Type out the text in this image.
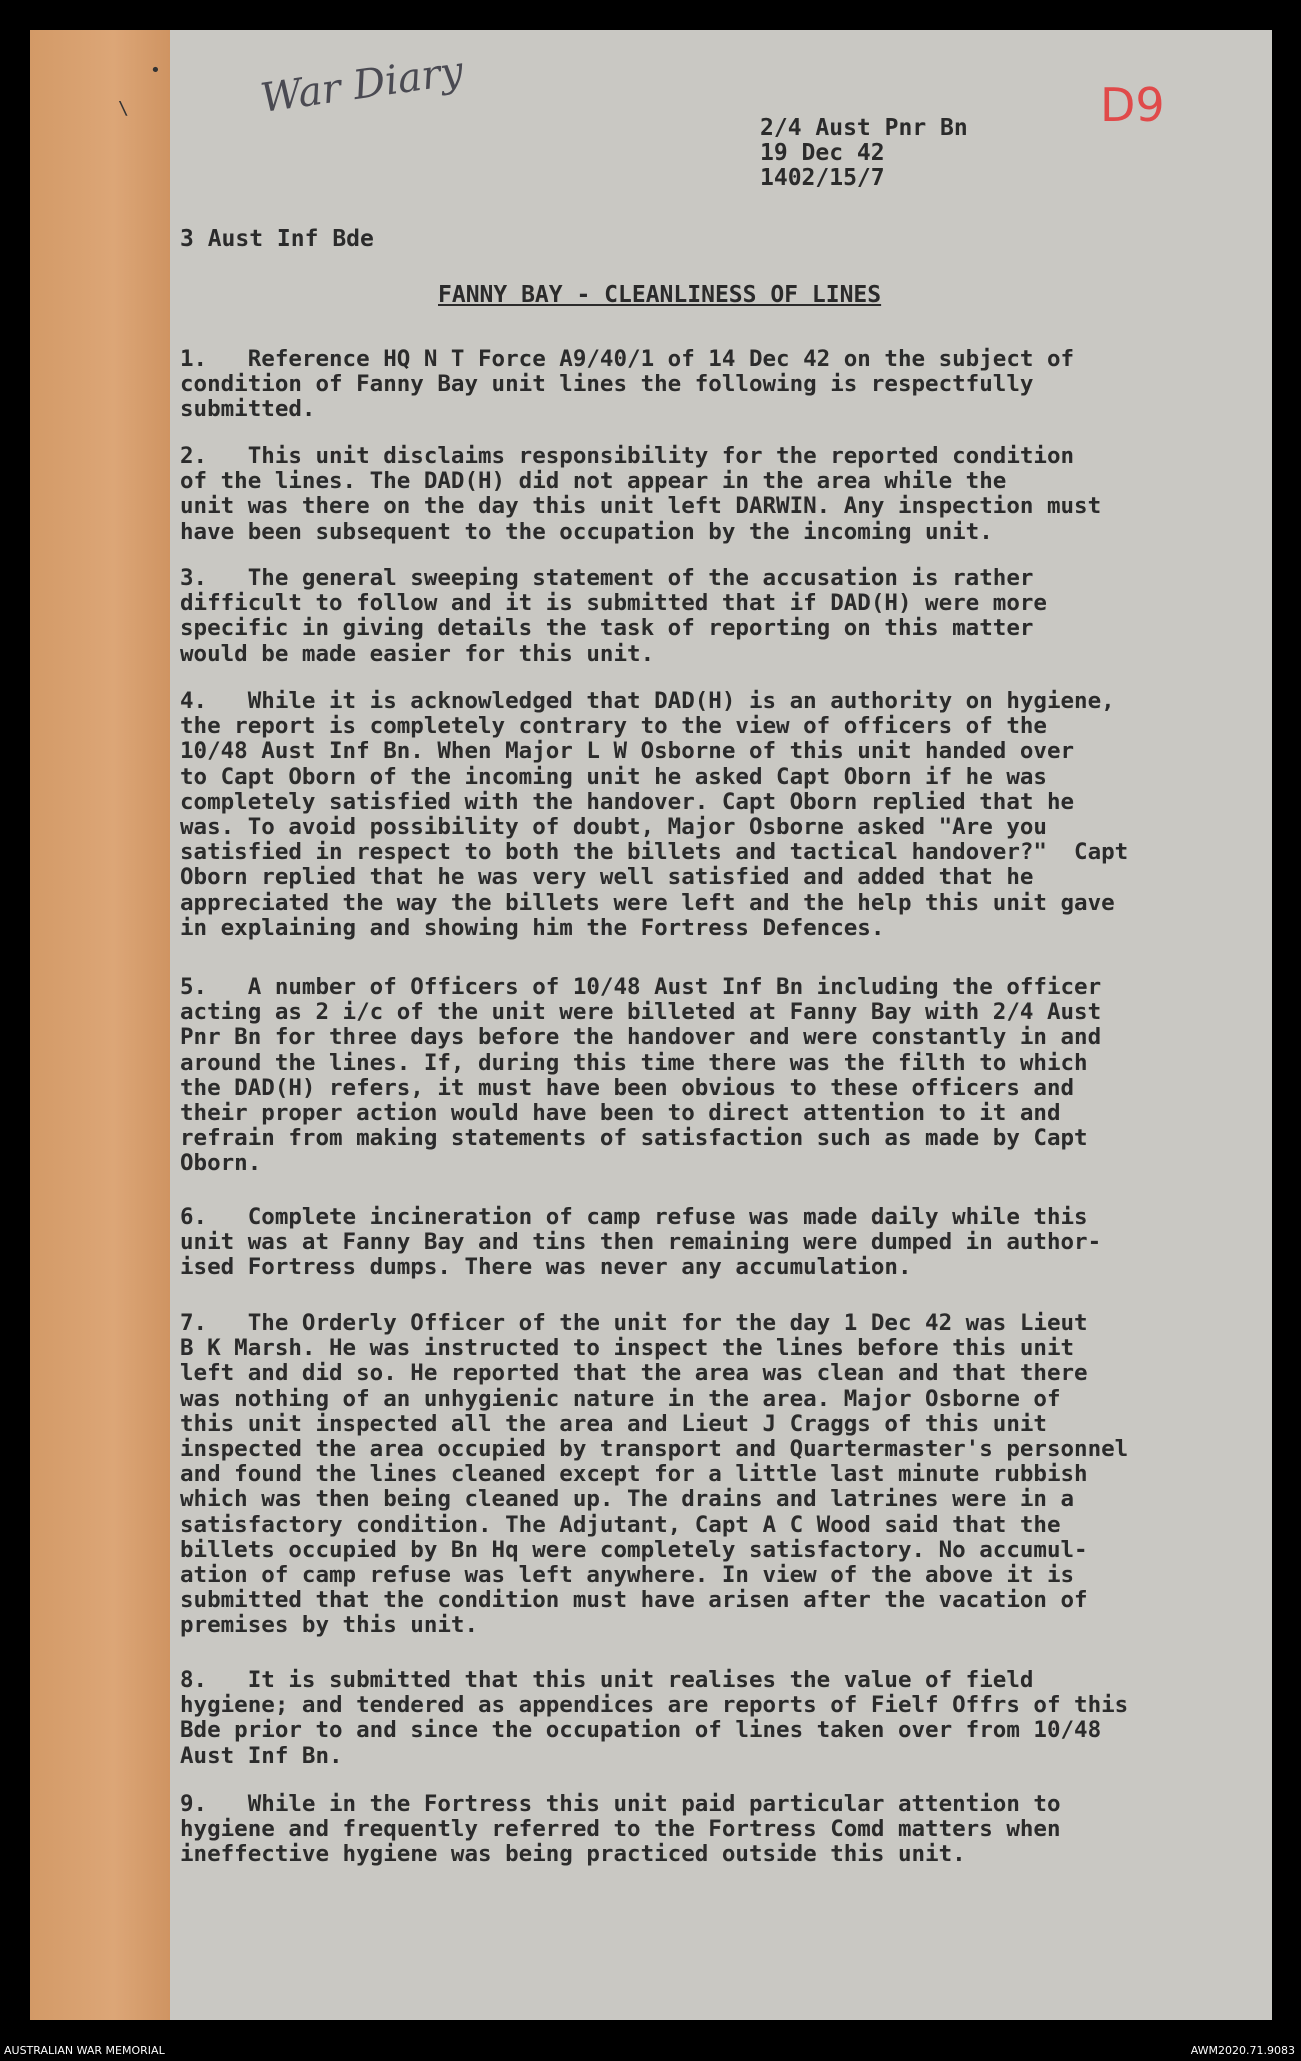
•
\	War Diary	D9
2/4 Aust Pnr Bn
19 Dec 42
1402/15/7
3 Aust Inf Bde
FANNY BAY - CLEANLINESS OF LINES
1.   Reference HQ N T Force A9/40/1 of 14 Dec 42 on the subject of
condition of Fanny Bay unit lines the following is respectfully
submitted.
2.   This unit disclaims responsibility for the reported condition
of the lines. The DAD(H) did not appear in the area while the
unit was there on the day this unit left DARWIN. Any inspection must
have been subsequent to the occupation by the incoming unit.
3.   The general sweeping statement of the accusation is rather
difficult to follow and it is submitted that if DAD(H) were more
specific in giving details the task of reporting on this matter
would be made easier for this unit.
4.   While it is acknowledged that DAD(H) is an authority on hygiene,
the report is completely contrary to the view of officers of the
10/48 Aust Inf Bn. When Major L W Osborne of this unit handed over
to Capt Oborn of the incoming unit he asked Capt Oborn if he was
completely satisfied with the handover. Capt Oborn replied that he
was. To avoid possibility of doubt, Major Osborne asked "Are you
satisfied in respect to both the billets and tactical handover?"  Capt
Oborn replied that he was very well satisfied and added that he
appreciated the way the billets were left and the help this unit gave
in explaining and showing him the Fortress Defences.
5.   A number of Officers of 10/48 Aust Inf Bn including the officer
acting as 2 i/c of the unit were billeted at Fanny Bay with 2/4 Aust
Pnr Bn for three days before the handover and were constantly in and
around the lines. If, during this time there was the filth to which
the DAD(H) refers, it must have been obvious to these officers and
their proper action would have been to direct attention to it and
refrain from making statements of satisfaction such as made by Capt
Oborn.
6.   Complete incineration of camp refuse was made daily while this
unit was at Fanny Bay and tins then remaining were dumped in author-
ised Fortress dumps. There was never any accumulation.
7.   The Orderly Officer of the unit for the day 1 Dec 42 was Lieut
B K Marsh. He was instructed to inspect the lines before this unit
left and did so. He reported that the area was clean and that there
was nothing of an unhygienic nature in the area. Major Osborne of
this unit inspected all the area and Lieut J Craggs of this unit
inspected the area occupied by transport and Quartermaster's personnel
and found the lines cleaned except for a little last minute rubbish
which was then being cleaned up. The drains and latrines were in a
satisfactory condition. The Adjutant, Capt A C Wood said that the
billets occupied by Bn Hq were completely satisfactory. No accumul-
ation of camp refuse was left anywhere. In view of the above it is
submitted that the condition must have arisen after the vacation of
premises by this unit.
8.   It is submitted that this unit realises the value of field
hygiene; and tendered as appendices are reports of Fielf Offrs of this
Bde prior to and since the occupation of lines taken over from 10/48
Aust Inf Bn.
9.   While in the Fortress this unit paid particular attention to
hygiene and frequently referred to the Fortress Comd matters when
ineffective hygiene was being practiced outside this unit.
AUSTRALIAN WAR MEMORIAL	AWM2020.71.9083
